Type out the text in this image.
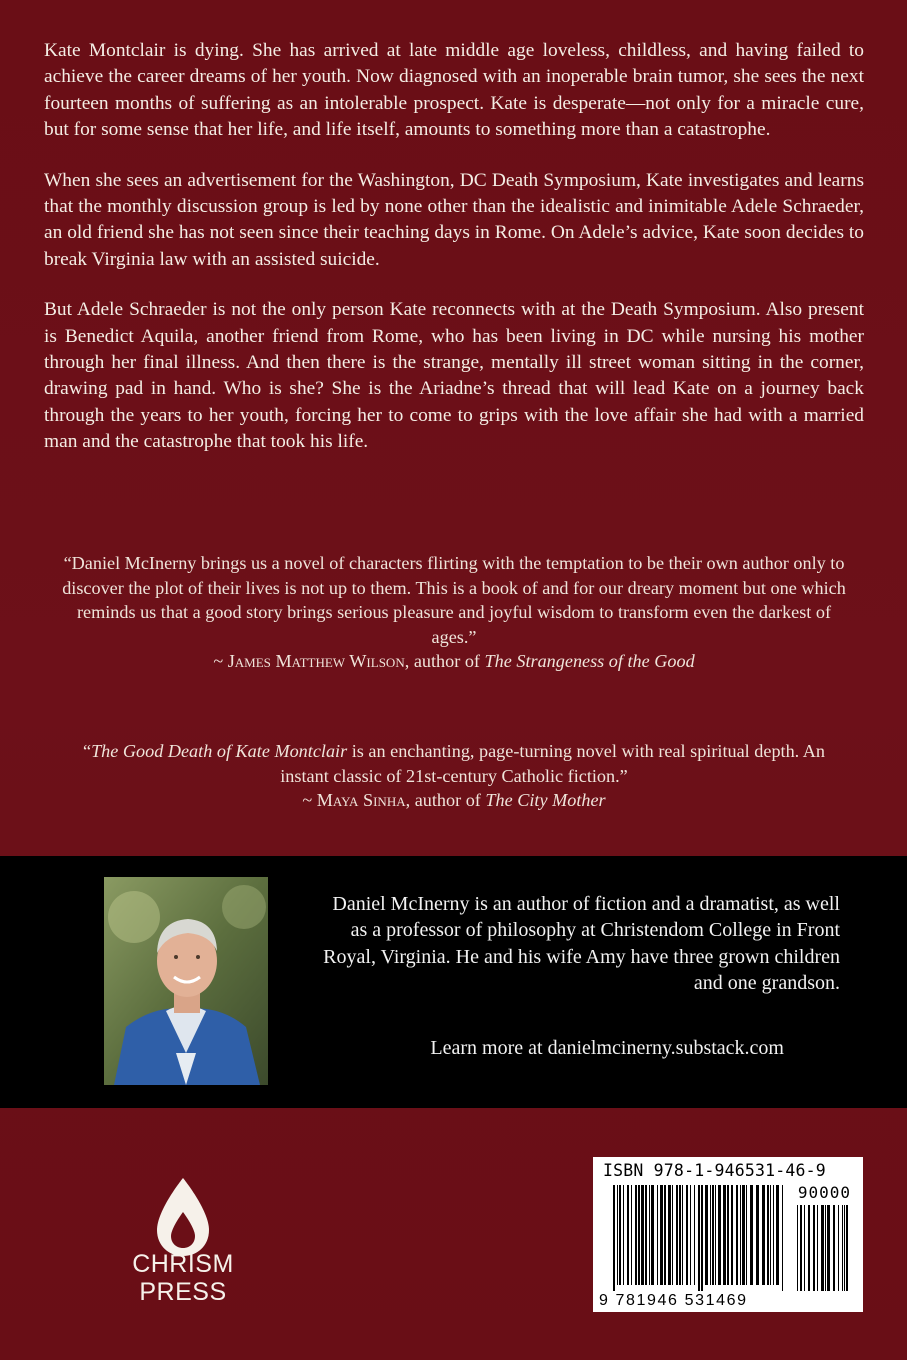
Kate Montclair is dying. She has arrived at late middle age loveless, childless, and having failed to achieve the career dreams of her youth. Now diagnosed with an inoperable brain tumor, she sees the next fourteen months of suffering as an intolerable prospect. Kate is desperate—not only for a miracle cure, but for some sense that her life, and life itself, amounts to something more than a catastrophe.

When she sees an advertisement for the Washington, DC Death Symposium, Kate investigates and learns that the monthly discussion group is led by none other than the idealistic and inimitable Adele Schraeder, an old friend she has not seen since their teaching days in Rome. On Adele’s advice, Kate soon decides to break Virginia law with an assisted suicide.

But Adele Schraeder is not the only person Kate reconnects with at the Death Symposium. Also present is Benedict Aquila, another friend from Rome, who has been living in DC while nursing his mother through her final illness. And then there is the strange, mentally ill street woman sitting in the corner, drawing pad in hand. Who is she? She is the Ariadne’s thread that will lead Kate on a journey back through the years to her youth, forcing her to come to grips with the love affair she had with a married man and the catastrophe that took his life.

“Daniel McInerny brings us a novel of characters flirting with the temptation to be their own author only to discover the plot of their lives is not up to them. This is a book of and for our dreary moment but one which reminds us that a good story brings serious pleasure and joyful wisdom to transform even the darkest of ages.”
~ James Matthew Wilson, author of The Strangeness of the Good
“The Good Death of Kate Montclair is an enchanting, page-turning novel with real spiritual depth. An instant classic of 21st-century Catholic fiction.”
~ Maya Sinha, author of The City Mother

Daniel McInerny is an author of fiction and a dramatist, as well as a professor of philosophy at Christendom College in Front Royal, Virginia. He and his wife Amy have three grown children and one grandson.

Learn more at danielmcinerny.substack.com
CHRISM
PRESS
ISBN 978-1-946531-46-9
90000
9 781946 531469
